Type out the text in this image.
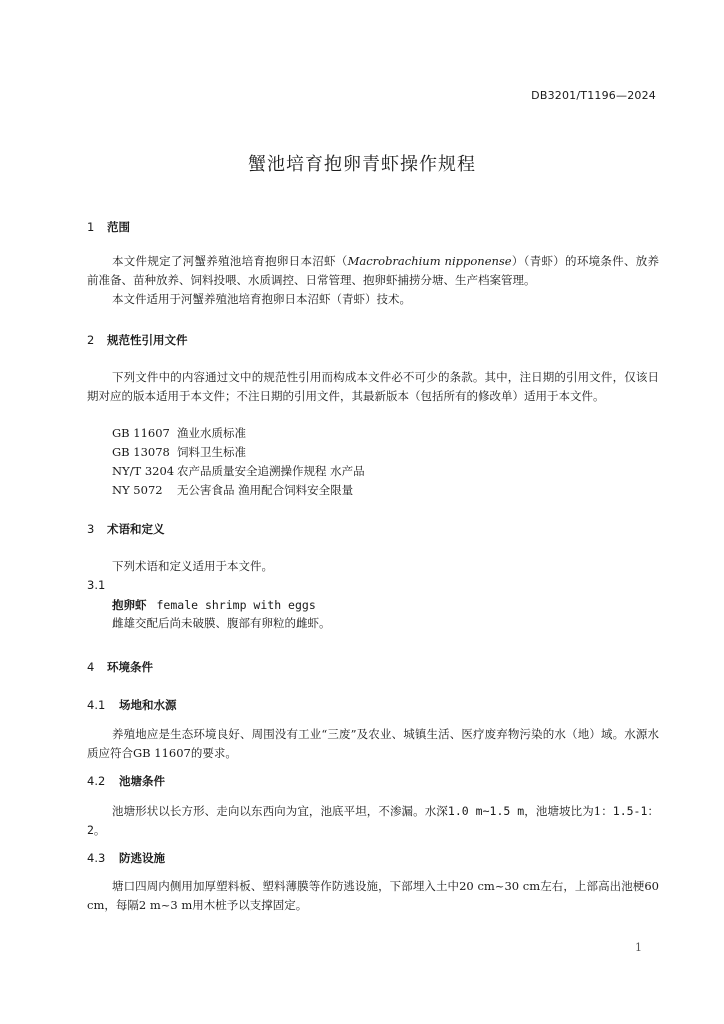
DB3201/T1196—2024
蟹池培育抱卵青虾操作规程
1 范围
本文件规定了河蟹养殖池培育抱卵日本沼虾（Macrobrachium nipponense）（青虾）的环境条件、放养前准备、苗种放养、饲料投喂、水质调控、日常管理、抱卵虾捕捞分塘、生产档案管理。
本文件适用于河蟹养殖池培育抱卵日本沼虾（青虾）技术。
2 规范性引用文件
下列文件中的内容通过文中的规范性引用而构成本文件必不可少的条款。其中，注日期的引用文件，仅该日期对应的版本适用于本文件；不注日期的引用文件，其最新版本（包括所有的修改单）适用于本文件。
GB 11607 渔业水质标准
GB 13078 饲料卫生标准
NY/T 3204 农产品质量安全追溯操作规程 水产品
NY 5072 无公害食品 渔用配合饲料安全限量
3 术语和定义
下列术语和定义适用于本文件。
3.1
抱卵虾 female shrimp with eggs
雌雄交配后尚未破膜、腹部有卵粒的雌虾。
4 环境条件
4.1 场地和水源
养殖地应是生态环境良好、周围没有工业“三废”及农业、城镇生活、医疗废弃物污染的水（地）域。水源水质应符合GB 11607的要求。
4.2 池塘条件
池塘形状以长方形、走向以东西向为宜，池底平坦，不渗漏。水深1.0 m~1.5 m，池塘坡比为1：1.5-1：2。
4.3 防逃设施
塘口四周内侧用加厚塑料板、塑料薄膜等作防逃设施，下部埋入土中20 cm~30 cm左右，上部高出池梗60 cm，每隔2 m~3 m用木桩予以支撑固定。
1
